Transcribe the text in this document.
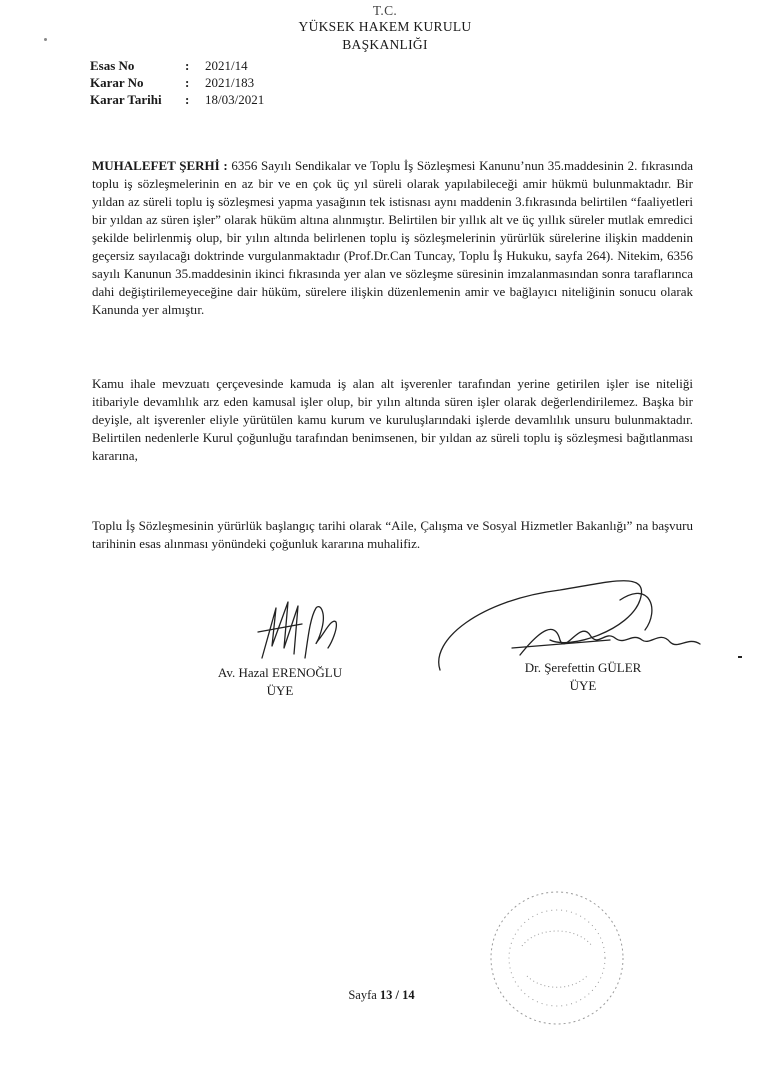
T.C.
YÜKSEK HAKEM KURULU
BAŞKANLIĞI
Esas No	:	2021/14
Karar No	:	2021/183
Karar Tarihi	:	18/03/2021
MUHALEFET ŞERHİ : 6356 Sayılı Sendikalar ve Toplu İş Sözleşmesi Kanunu’nun 35.maddesinin 2. fıkrasında toplu iş sözleşmelerinin en az bir ve en çok üç yıl süreli olarak yapılabileceği amir hükmü bulunmaktadır. Bir yıldan az süreli toplu iş sözleşmesi yapma yasağının tek istisnası aynı maddenin 3.fıkrasında belirtilen “faaliyetleri bir yıldan az süren işler” olarak hüküm altına alınmıştır. Belirtilen bir yıllık alt ve üç yıllık süreler mutlak emredici şekilde belirlenmiş olup, bir yılın altında belirlenen toplu iş sözleşmelerinin yürürlük sürelerine ilişkin maddenin geçersiz sayılacağı doktrinde vurgulanmaktadır (Prof.Dr.Can Tuncay, Toplu İş Hukuku, sayfa 264). Nitekim, 6356 sayılı Kanunun 35.maddesinin ikinci fıkrasında yer alan ve sözleşme süresinin imzalanmasından sonra taraflarınca dahi değiştirilemeyeceğine dair hüküm, sürelere ilişkin düzenlemenin amir ve bağlayıcı niteliğinin sonucu olarak Kanunda yer almıştır.
Kamu ihale mevzuatı çerçevesinde kamuda iş alan alt işverenler tarafından yerine getirilen işler ise niteliği itibariyle devamlılık arz eden kamusal işler olup, bir yılın altında süren işler olarak değerlendirilemez. Başka bir deyişle, alt işverenler eliyle yürütülen kamu kurum ve kuruluşlarındaki işlerde devamlılık unsuru bulunmaktadır. Belirtilen nedenlerle Kurul çoğunluğu tarafından benimsenen, bir yıldan az süreli toplu iş sözleşmesi bağıtlanması kararına,
Toplu İş Sözleşmesinin yürürlük başlangıç tarihi olarak “Aile, Çalışma ve Sosyal Hizmetler Bakanlığı” na başvuru tarihinin esas alınması yönündeki çoğunluk kararına muhalifiz.
Av. Hazal ERENOĞLU
ÜYE
Dr. Şerefettin GÜLER
ÜYE
Sayfa 13 / 14
